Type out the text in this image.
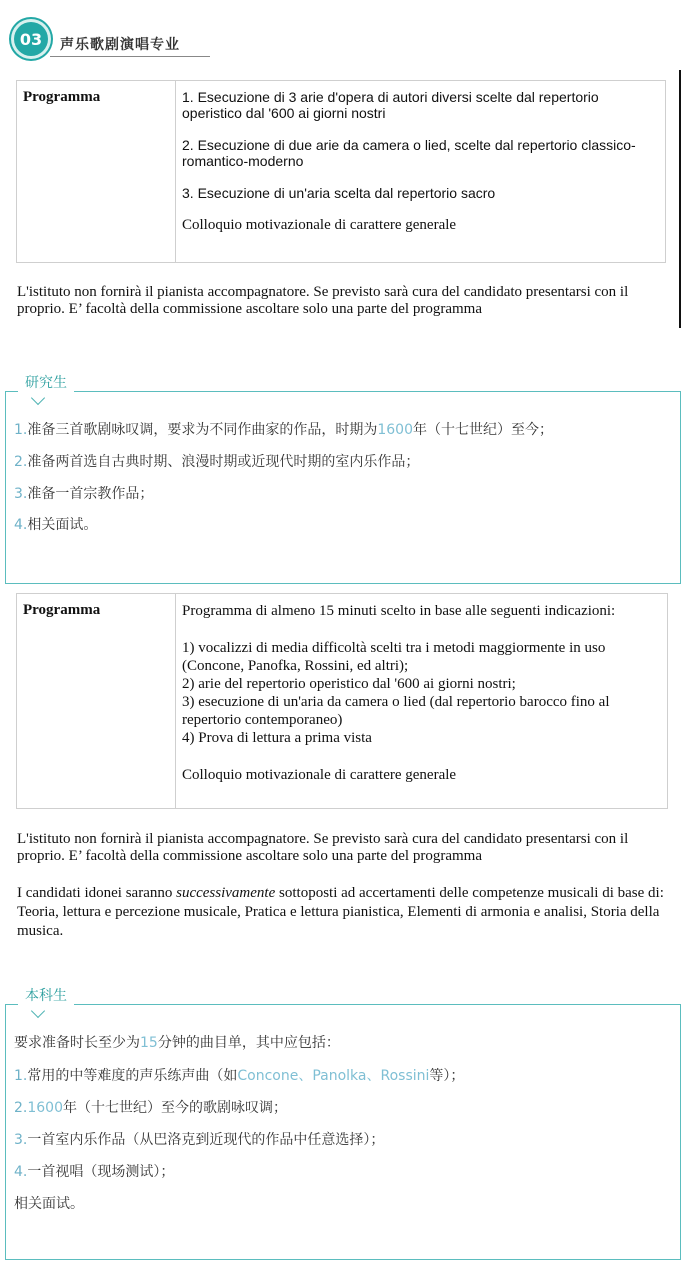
03	声乐歌剧演唱专业
Programma	1. Esecuzione di 3 arie d'opera di autori diversi scelte dal repertorio operistico dal '600 ai giorni nostri
2. Esecuzione di due arie da camera o lied, scelte dal repertorio classico-romantico-moderno
3. Esecuzione di un'aria scelta dal repertorio sacro
Colloquio motivazionale di carattere generale
L'istituto non fornirà il pianista accompagnatore. Se previsto sarà cura del candidato presentarsi con il proprio. E’ facoltà della commissione ascoltare solo una parte del programma
研究生
1.准备三首歌剧咏叹调，要求为不同作曲家的作品，时期为1600年（十七世纪）至今；
2.准备两首选自古典时期、浪漫时期或近现代时期的室内乐作品；
3.准备一首宗教作品；
4.相关面试。
Programma	Programma di almeno 15 minuti scelto in base alle seguenti indicazioni:
1) vocalizzi di media difficoltà scelti tra i metodi maggiormente in uso (Concone, Panofka, Rossini, ed altri);
2) arie del repertorio operistico dal '600 ai giorni nostri;
3) esecuzione di un'aria da camera o lied (dal repertorio barocco fino al repertorio contemporaneo)
4) Prova di lettura a prima vista
Colloquio motivazionale di carattere generale
L'istituto non fornirà il pianista accompagnatore. Se previsto sarà cura del candidato presentarsi con il proprio. E’ facoltà della commissione ascoltare solo una parte del programma
I candidati idonei saranno successivamente sottoposti ad accertamenti delle competenze musicali di base di: Teoria, lettura e percezione musicale, Pratica e lettura pianistica, Elementi di armonia e analisi, Storia della musica.
本科生
要求准备时长至少为15分钟的曲目单，其中应包括：
1.常用的中等难度的声乐练声曲（如Concone、Panolka、Rossini等）；
2.1600年（十七世纪）至今的歌剧咏叹调；
3.一首室内乐作品（从巴洛克到近现代的作品中任意选择）；
4.一首视唱（现场测试）；
相关面试。
